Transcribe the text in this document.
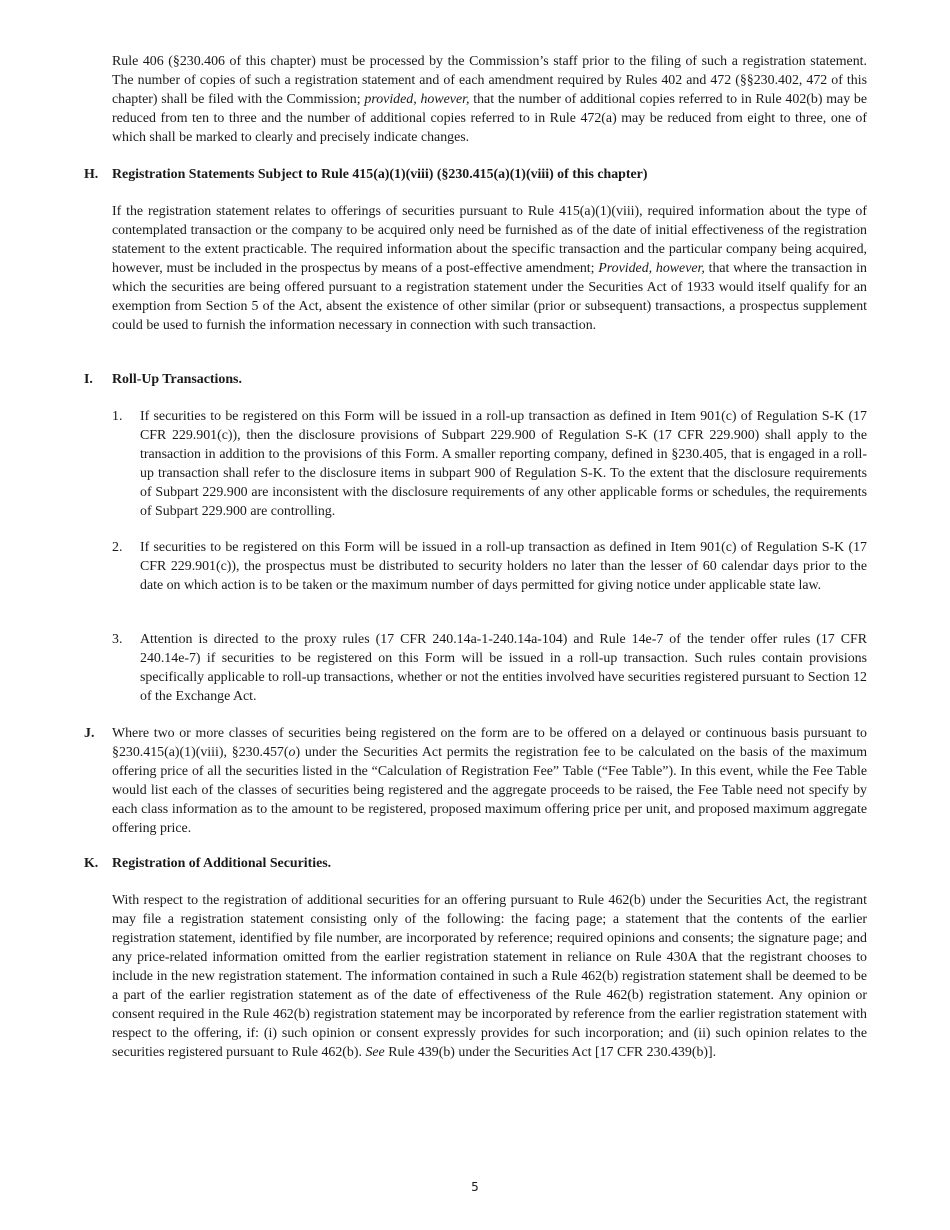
Rule 406 (§230.406 of this chapter) must be processed by the Commission’s staff prior to the filing of such a registration statement. The number of copies of such a registration statement and of each amendment required by Rules 402 and 472 (§§230.402, 472 of this chapter) shall be filed with the Commission; provided, however, that the number of additional copies referred to in Rule 402(b) may be reduced from ten to three and the number of additional copies referred to in Rule 472(a) may be reduced from eight to three, one of which shall be marked to clearly and precisely indicate changes.

H. Registration Statements Subject to Rule 415(a)(1)(viii) (§230.415(a)(1)(viii) of this chapter)

If the registration statement relates to offerings of securities pursuant to Rule 415(a)(1)(viii), required information about the type of contemplated transaction or the company to be acquired only need be furnished as of the date of initial effectiveness of the registration statement to the extent practicable. The required information about the specific transaction and the particular company being acquired, however, must be included in the prospectus by means of a post-effective amendment; Provided, however, that where the transaction in which the securities are being offered pursuant to a registration statement under the Securities Act of 1933 would itself qualify for an exemption from Section 5 of the Act, absent the existence of other similar (prior or subsequent) transactions, a prospectus supplement could be used to furnish the information necessary in connection with such transaction.

I. Roll-Up Transactions.
1.	If securities to be registered on this Form will be issued in a roll-up transaction as defined in Item 901(c) of Regulation S-K (17 CFR 229.901(c)), then the disclosure provisions of Subpart 229.900 of Regulation S-K (17 CFR 229.900) shall apply to the transaction in addition to the provisions of this Form. A smaller reporting company, defined in §230.405, that is engaged in a roll-up transaction shall refer to the disclosure items in subpart 900 of Regulation S-K. To the extent that the disclosure requirements of Subpart 229.900 are inconsistent with the disclosure requirements of any other applicable forms or schedules, the requirements of Subpart 229.900 are controlling.

2.	If securities to be registered on this Form will be issued in a roll-up transaction as defined in Item 901(c) of Regulation S-K (17 CFR 229.901(c)), the prospectus must be distributed to security holders no later than the lesser of 60 calendar days prior to the date on which action is to be taken or the maximum number of days permitted for giving notice under applicable state law.

3.	Attention is directed to the proxy rules (17 CFR 240.14a-1-240.14a-104) and Rule 14e-7 of the tender offer rules (17 CFR 240.14e-7) if securities to be registered on this Form will be issued in a roll-up transaction. Such rules contain provisions specifically applicable to roll-up transactions, whether or not the entities involved have securities registered pursuant to Section 12 of the Exchange Act.

J. Where two or more classes of securities being registered on the form are to be offered on a delayed or continuous basis pursuant to §230.415(a)(1)(viii), §230.457(o) under the Securities Act permits the registration fee to be calculated on the basis of the maximum offering price of all the securities listed in the “Calculation of Registration Fee” Table (“Fee Table”). In this event, while the Fee Table would list each of the classes of securities being registered and the aggregate proceeds to be raised, the Fee Table need not specify by each class information as to the amount to be registered, proposed maximum offering price per unit, and proposed maximum aggregate offering price.

K. Registration of Additional Securities.

With respect to the registration of additional securities for an offering pursuant to Rule 462(b) under the Securities Act, the registrant may file a registration statement consisting only of the following: the facing page; a statement that the contents of the earlier registration statement, identified by file number, are incorporated by reference; required opinions and consents; the signature page; and any price-related information omitted from the earlier registration statement in reliance on Rule 430A that the registrant chooses to include in the new registration statement. The information contained in such a Rule 462(b) registration statement shall be deemed to be a part of the earlier registration statement as of the date of effectiveness of the Rule 462(b) registration statement. Any opinion or consent required in the Rule 462(b) registration statement may be incorporated by reference from the earlier registration statement with respect to the offering, if: (i) such opinion or consent expressly provides for such incorporation; and (ii) such opinion relates to the securities registered pursuant to Rule 462(b). See Rule 439(b) under the Securities Act [17 CFR 230.439(b)].

5
